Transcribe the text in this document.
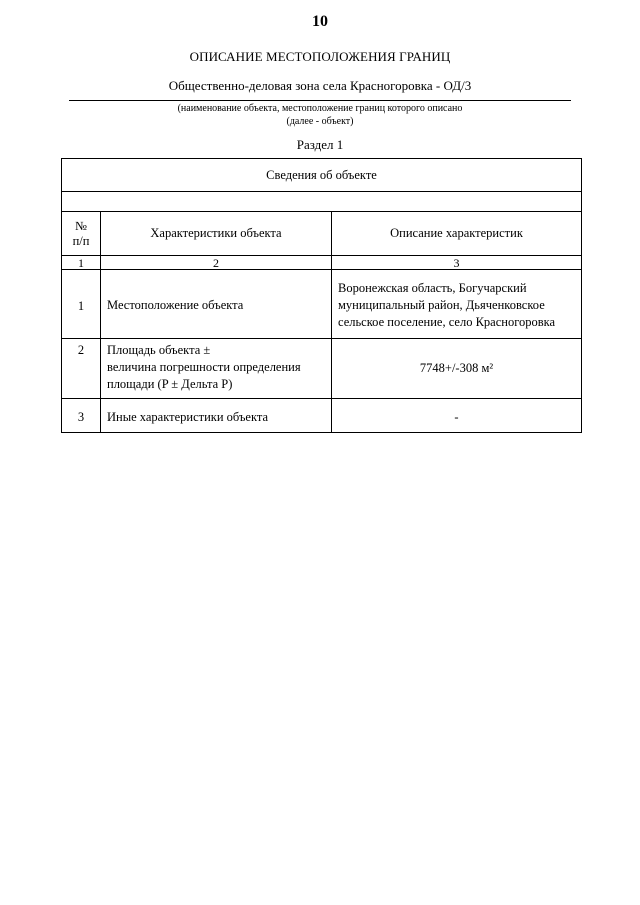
10
ОПИСАНИЕ МЕСТОПОЛОЖЕНИЯ ГРАНИЦ
Общественно-деловая зона села Красногоровка - ОД/3
(наименование объекта, местоположение границ которого описано
(далее - объект)
Раздел 1
Сведения об объекте		

№
п/п	Характеристики объекта	Описание характеристик
1	2	3
1	Местоположение объекта	Воронежская область, Богучарский
муниципальный район, Дьяченковское
сельское поселение, село Красногоровка

2	Площадь объекта ±
величина погрешности определения
площади (P ± Дельта P)	7748+/-308 м²
3	Иные характеристики объекта	-
